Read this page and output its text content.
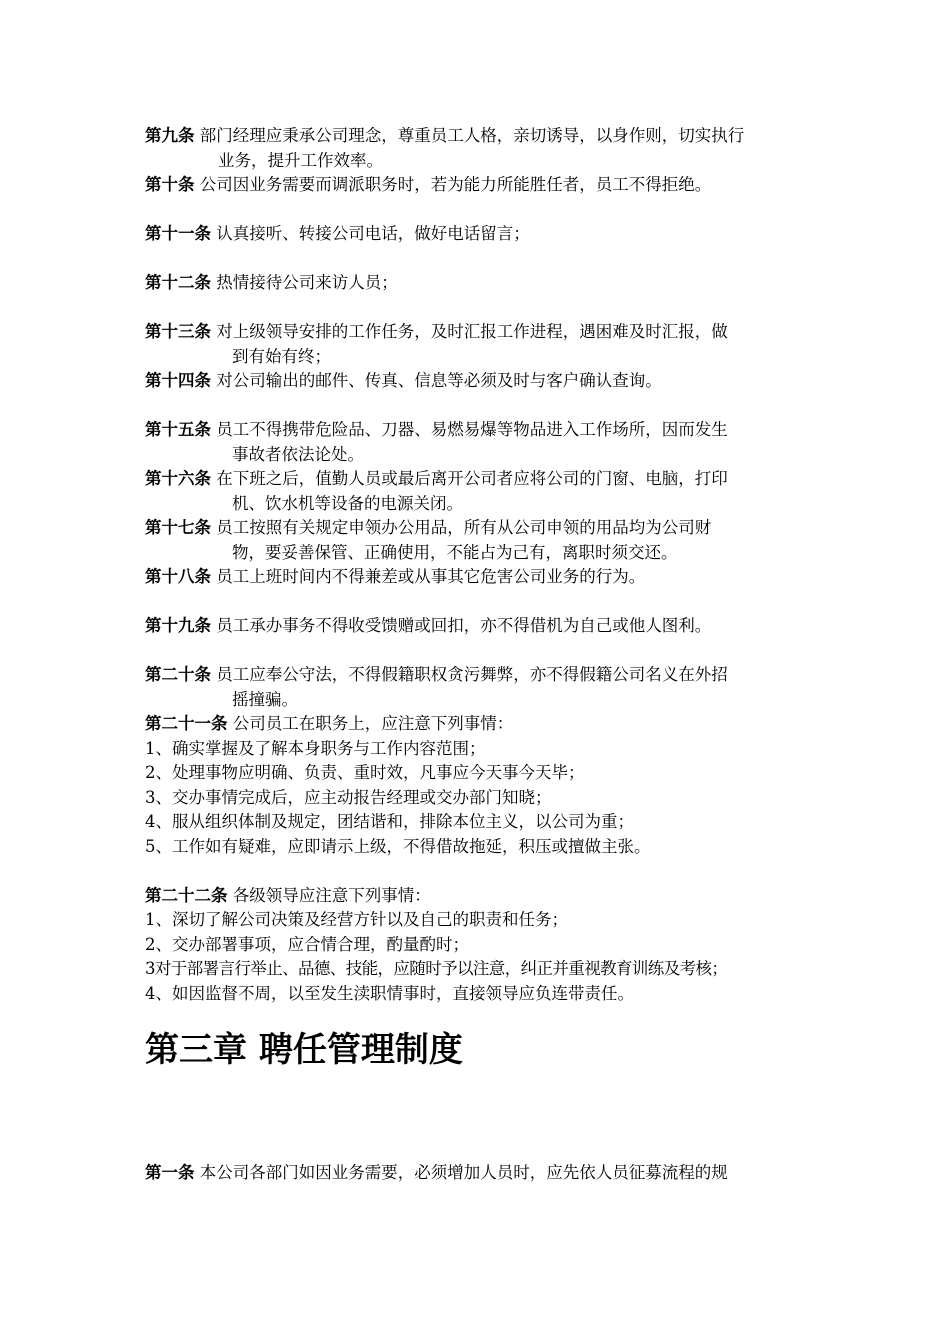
第九条 部门经理应秉承公司理念，尊重员工人格，亲切诱导，以身作则，切实执行
业务，提升工作效率。
第十条 公司因业务需要而调派职务时，若为能力所能胜任者，员工不得拒绝。
第十一条 认真接听、转接公司电话，做好电话留言；
第十二条 热情接待公司来访人员；
第十三条 对上级领导安排的工作任务，及时汇报工作进程，遇困难及时汇报，做
到有始有终；
第十四条 对公司输出的邮件、传真、信息等必须及时与客户确认查询。
第十五条 员工不得携带危险品、刀器、易燃易爆等物品进入工作场所，因而发生
事故者依法论处。
第十六条 在下班之后，值勤人员或最后离开公司者应将公司的门窗、电脑，打印
机、饮水机等设备的电源关闭。
第十七条 员工按照有关规定申领办公用品，所有从公司申领的用品均为公司财
物，要妥善保管、正确使用，不能占为己有，离职时须交还。
第十八条 员工上班时间内不得兼差或从事其它危害公司业务的行为。
第十九条 员工承办事务不得收受馈赠或回扣，亦不得借机为自己或他人图利。
第二十条 员工应奉公守法，不得假籍职权贪污舞弊，亦不得假籍公司名义在外招
摇撞骗。
第二十一条 公司员工在职务上，应注意下列事情：
1、确实掌握及了解本身职务与工作内容范围；
2、处理事物应明确、负责、重时效，凡事应今天事今天毕；
3、交办事情完成后，应主动报告经理或交办部门知晓；
4、服从组织体制及规定，团结谐和，排除本位主义，以公司为重；
5、工作如有疑难，应即请示上级，不得借故拖延，积压或擅做主张。
第二十二条 各级领导应注意下列事情：
1、深切了解公司决策及经营方针以及自己的职责和任务；
2、交办部署事项，应合情合理，酌量酌时；
3对于部署言行举止、品德、技能，应随时予以注意，纠正并重视教育训练及考核；
4、如因监督不周，以至发生渎职情事时，直接领导应负连带责任。
第三章 聘任管理制度
第一条 本公司各部门如因业务需要，必须增加人员时，应先依人员征募流程的规
